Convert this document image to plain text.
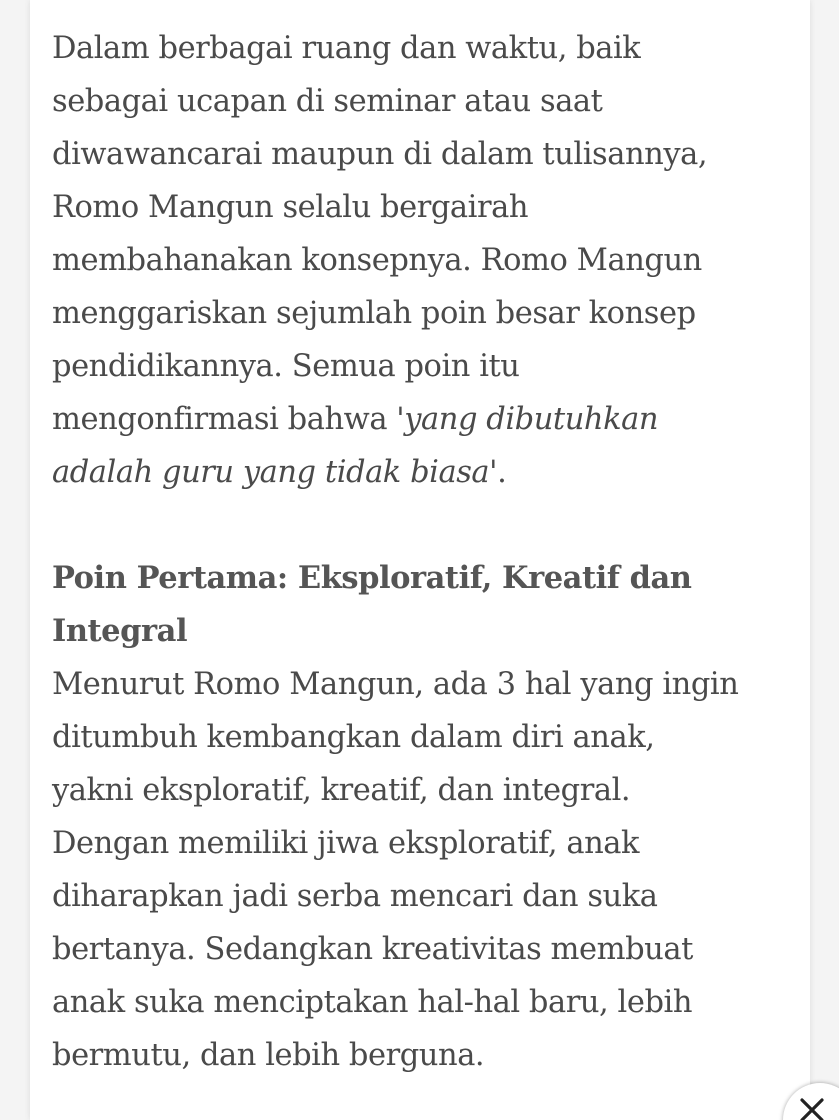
Dalam berbagai ruang dan waktu, baik
sebagai ucapan di seminar atau saat
diwawancarai maupun di dalam tulisannya,
Romo Mangun selalu bergairah
membahanakan konsepnya. Romo Mangun
menggariskan sejumlah poin besar konsep
pendidikannya. Semua poin itu
mengonfirmasi bahwa 'yang dibutuhkan
adalah guru yang tidak biasa'.

Poin Pertama: Eksploratif, Kreatif dan
Integral

Menurut Romo Mangun, ada 3 hal yang ingin
ditumbuh kembangkan dalam diri anak,
yakni eksploratif, kreatif, dan integral.
Dengan memiliki jiwa eksploratif, anak
diharapkan jadi serba mencari dan suka
bertanya. Sedangkan kreativitas membuat
anak suka menciptakan hal-hal baru, lebih
bermutu, dan lebih berguna.
